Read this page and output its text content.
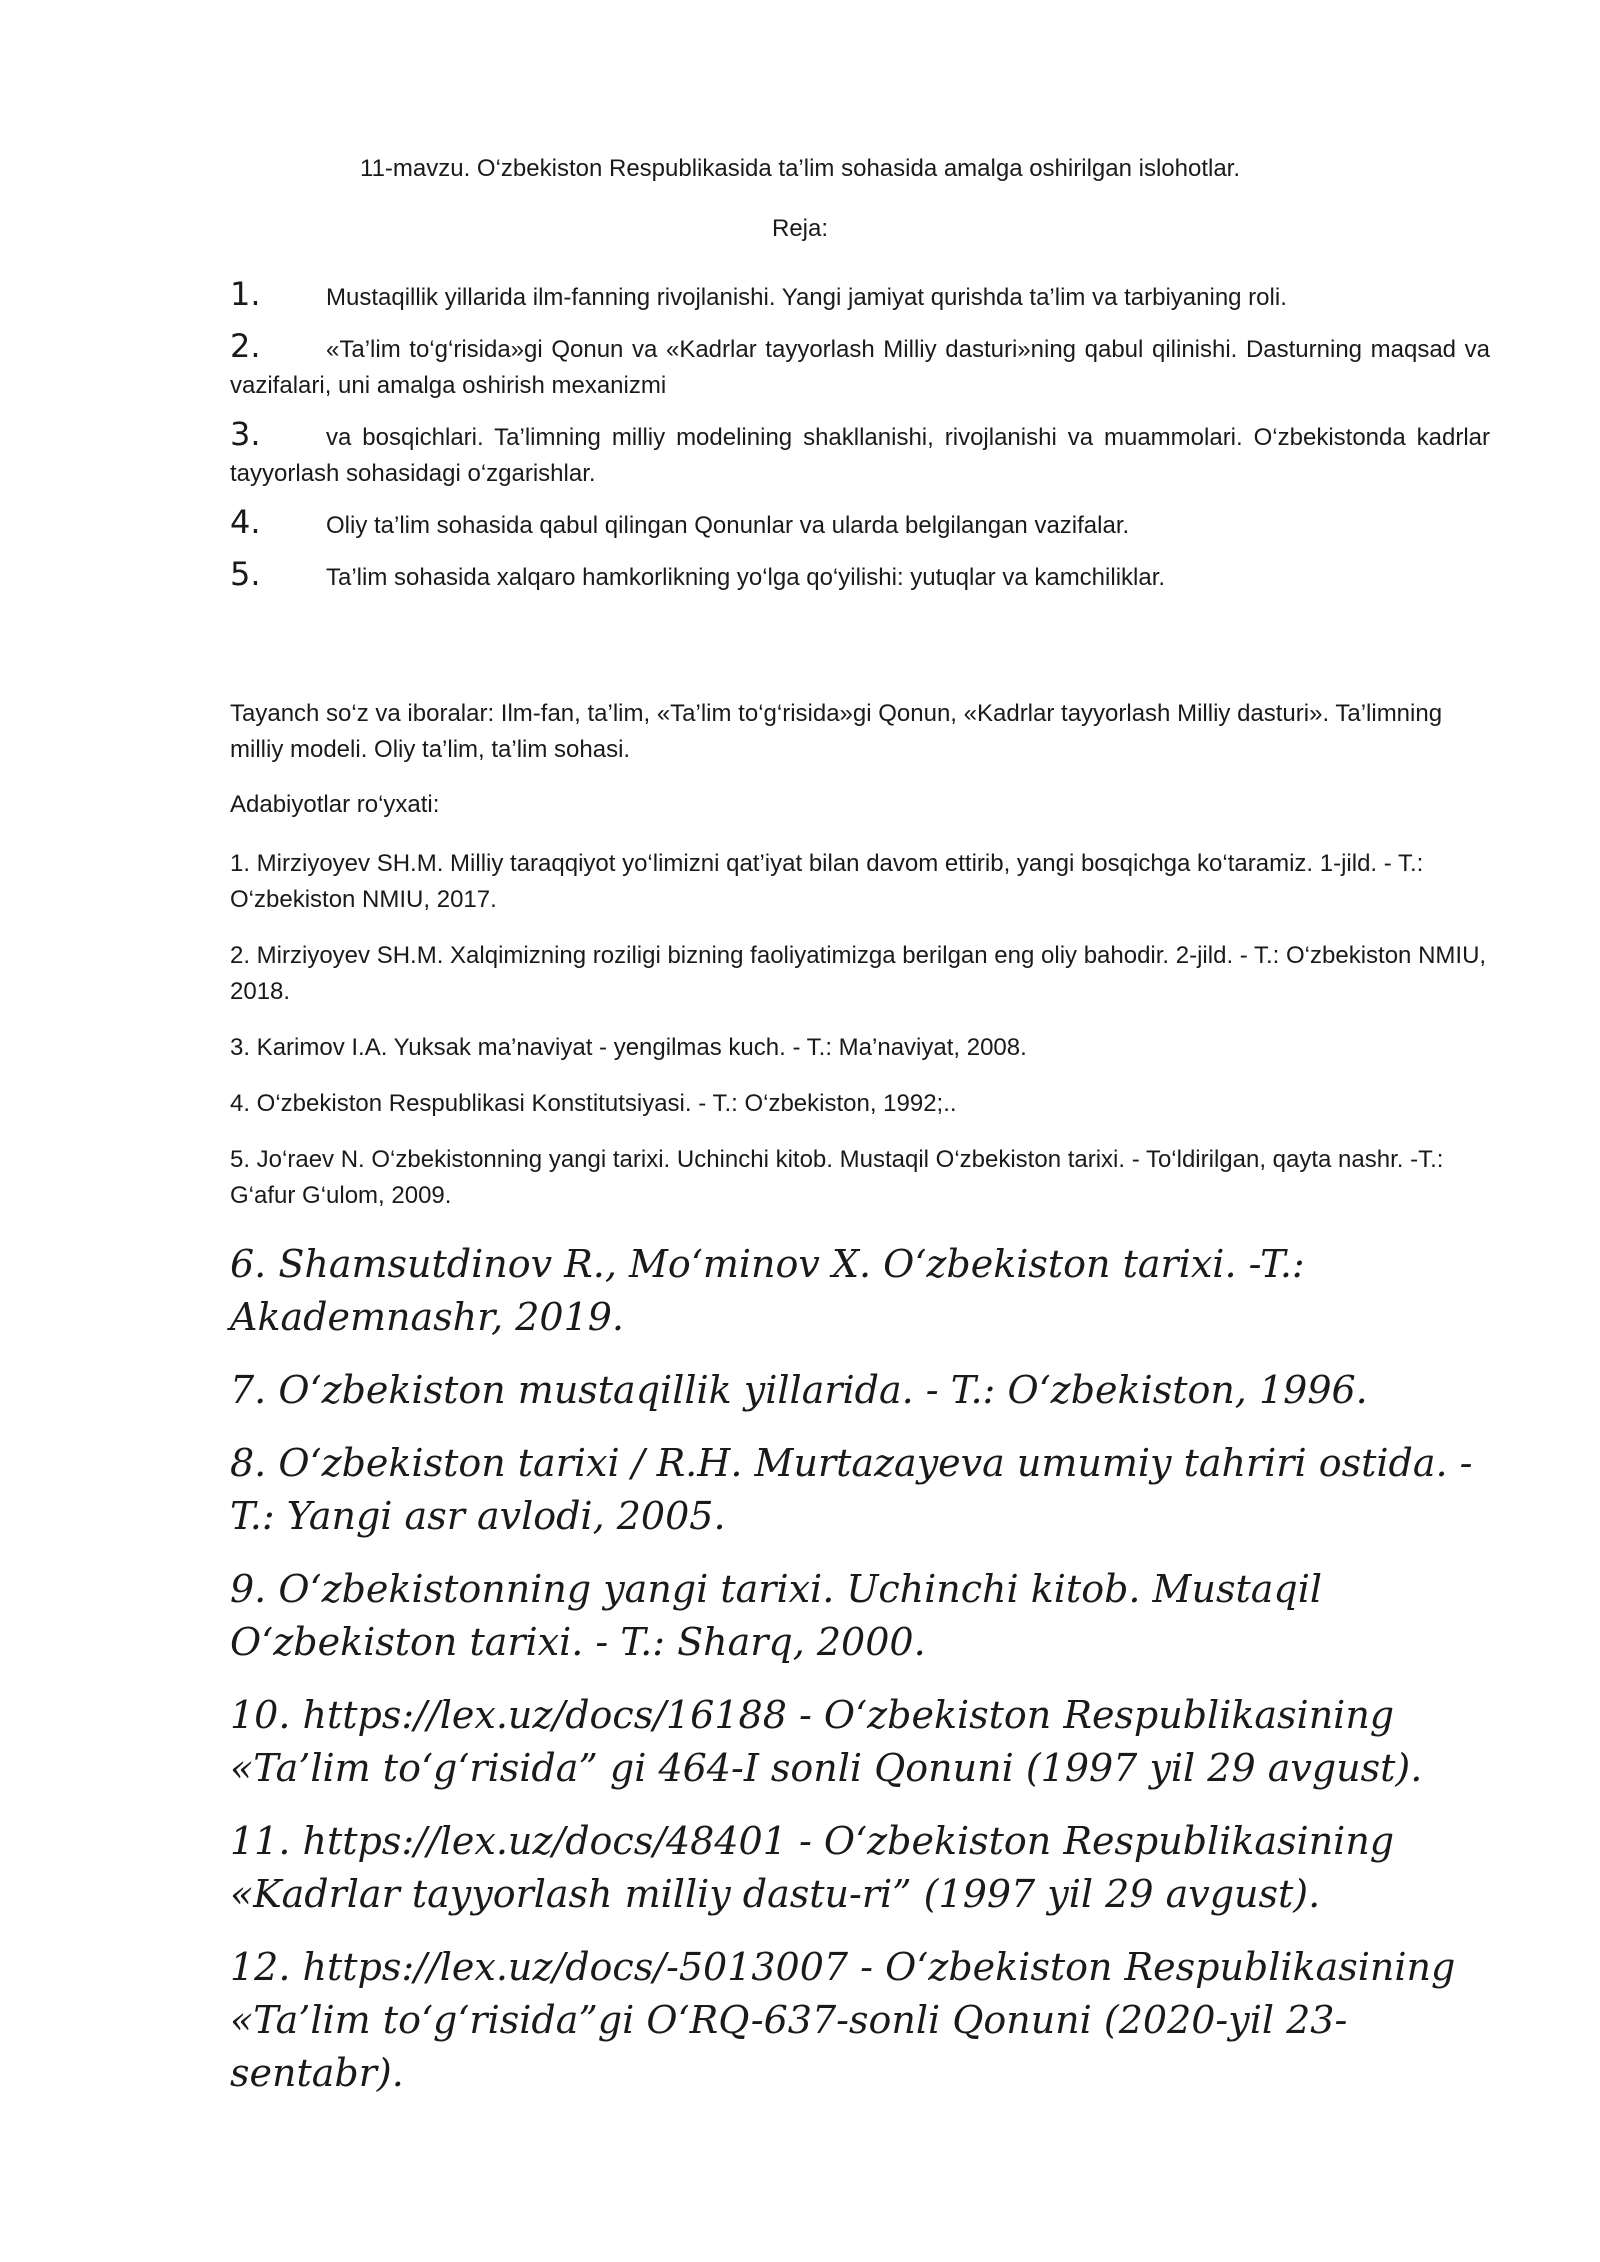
11-mavzu. O‘zbekiston Respublikasida ta’lim sohasida amalga oshirilgan islohotlar.
Reja:
1.	Mustaqillik yillarida ilm-fanning rivojlanishi. Yangi jamiyat qurishda ta’lim va tarbiyaning roli.
2.	«Ta’lim to‘g‘risida»gi Qonun va «Kadrlar tayyorlash Milliy dasturi»ning qabul qilinishi. Dasturning maqsad va vazifalari, uni amalga oshirish mexanizmi
3.	va bosqichlari. Ta’limning milliy modelining shakllanishi, rivojlanishi va muammolari. O‘zbekistonda kadrlar tayyorlash sohasidagi o‘zgarishlar.
4.	Oliy ta’lim sohasida qabul qilingan Qonunlar va ularda belgilangan vazifalar.
5.	Ta’lim sohasida xalqaro hamkorlikning yo‘lga qo‘yilishi: yutuqlar va kamchiliklar.
Tayanch so‘z va iboralar: Ilm-fan, ta’lim, «Ta’lim to‘g‘risida»gi Qonun, «Kadrlar tayyorlash Milliy dasturi». Ta’limning milliy modeli. Oliy ta’lim, ta’lim sohasi.
Adabiyotlar ro‘yxati:

1. Mirziyoyev SH.M. Milliy taraqqiyot yo‘limizni qat’iyat bilan davom ettirib, yangi bosqichga ko‘taramiz. 1-jild. - T.: O‘zbekiston NMIU, 2017.

2. Mirziyoyev SH.M. Xalqimizning roziligi bizning faoliyatimizga berilgan eng oliy bahodir. 2-jild. - T.: O‘zbekiston NMIU, 2018.

3. Karimov I.A. Yuksak ma’naviyat - yengilmas kuch. - T.: Ma’naviyat, 2008.

4. O‘zbekiston Respublikasi Konstitutsiyasi. - T.: O‘zbekiston, 1992;..

5. Jo‘raev N. O‘zbekistonning yangi tarixi. Uchinchi kitob. Mustaqil O‘zbekiston tarixi. - To‘ldirilgan, qayta nashr. -T.: G‘afur G‘ulom, 2009.

6. Shamsutdinov R., Mo‘minov X. O‘zbekiston tarixi. -T.: Akademnashr, 2019.

7. O‘zbekiston mustaqillik yillarida. - T.: O‘zbekiston, 1996.

8. O‘zbekiston tarixi / R.H. Murtazayeva umumiy tahriri ostida. - T.: Yangi asr avlodi, 2005.

9. O‘zbekistonning yangi tarixi. Uchinchi kitob. Mustaqil O‘zbekiston tarixi. - T.: Sharq, 2000.

10. https://lex.uz/docs/16188 - O‘zbekiston Respublikasining «Ta’lim to‘g‘risida” gi 464-I sonli Qonuni (1997 yil 29 avgust).

11. https://lex.uz/docs/48401 - O‘zbekiston Respublikasining «Kadrlar tayyorlash milliy dastu-ri” (1997 yil 29 avgust).

12. https://lex.uz/docs/-5013007 - O‘zbekiston Respublikasining «Ta’lim to‘g‘risida”gi O‘RQ-637-sonli Qonuni (2020-yil 23-sentabr).
